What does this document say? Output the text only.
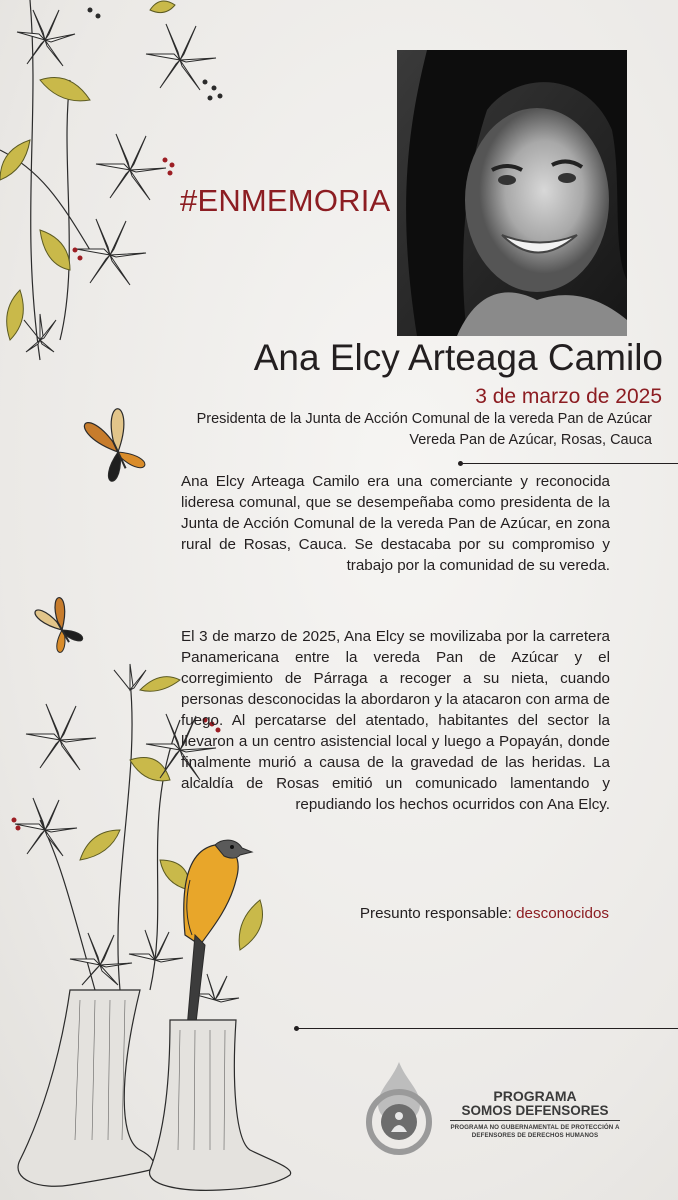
#ENMEMORIA
Ana Elcy Arteaga Camilo
3 de marzo de 2025
Presidenta de la Junta de Acción Comunal de la vereda Pan de Azúcar
Vereda Pan de Azúcar, Rosas, Cauca
Ana Elcy Arteaga Camilo era una comerciante y reconocida lideresa comunal, que se desempeñaba como presidenta de la Junta de Acción Comunal de la vereda Pan de Azúcar, en zona rural de Rosas, Cauca. Se destacaba por su compromiso y trabajo por la comunidad de su vereda.
El 3 de marzo de 2025, Ana Elcy se movilizaba por la carretera Panamericana entre la vereda Pan de Azúcar y el corregimiento de Párraga a recoger a su nieta, cuando personas desconocidas la abordaron y la atacaron con arma de fuego. Al percatarse del atentado, habitantes del sector la llevaron a un centro asistencial local y luego a Popayán, donde finalmente murió a causa de la gravedad de las heridas. La alcaldía de Rosas emitió un comunicado lamentando y repudiando los hechos ocurridos con Ana Elcy.
Presunto responsable: desconocidos
PROGRAMA
SOMOS DEFENSORES
PROGRAMA NO GUBERNAMENTAL DE PROTECCIÓN A
DEFENSORES DE DERECHOS HUMANOS
